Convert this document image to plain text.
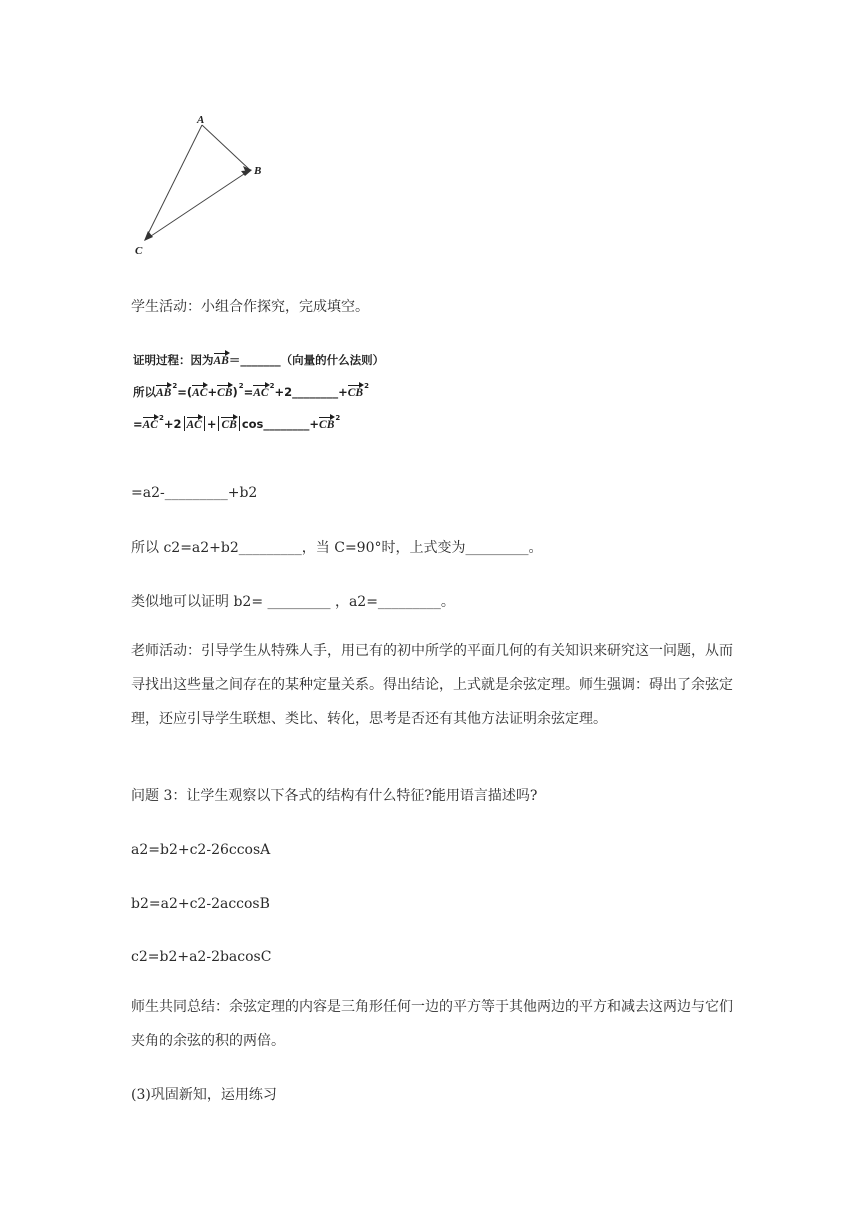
A
B
C

学生活动：小组合作探究，完成填空。

证明过程：因为AB＝_______（向量的什么法则）
所以$AB^2=(AC+CB)^2=AC^2+2\_\_\_\_\_\_\_\_+CB^2$
$=AC^2+2$ AC + CB $\cos\_\_\_\_\_\_\_\_+CB^2$

=a2-_________+b2

所以 c2=a2+b2_________，当 C=90°时，上式变为_________。

类似地可以证明 b2= _________ ，a2=_________。

老师活动：引导学生从特殊人手，用已有的初中所学的平面几何的有关知识来研究这一问题，从而寻找出这些量之间存在的某种定量关系。得出结论，上式就是余弦定理。师生强调：碍出了余弦定理，还应引导学生联想、类比、转化，思考是否还有其他方法证明余弦定理。

问题 3：让学生观察以下各式的结构有什么特征?能用语言描述吗?

a2=b2+c2-26ccosA

b2=a2+c2-2accosB

c2=b2+a2-2bacosC

师生共同总结：余弦定理的内容是三角形任何一边的平方等于其他两边的平方和减去这两边与它们夹角的余弦的积的两倍。

(3)巩固新知，运用练习
